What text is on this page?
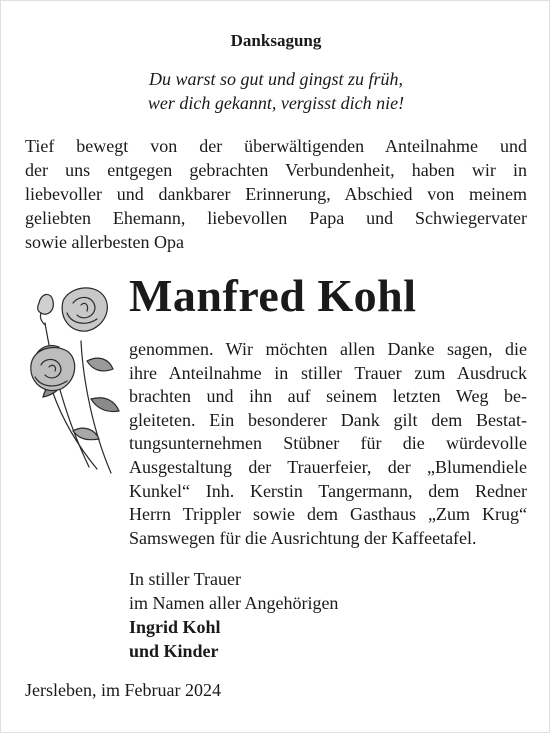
Danksagung
Du warst so gut und gingst zu früh,
wer dich gekannt, vergisst dich nie!
Tief bewegt von der überwältigenden Anteilnahme und
der uns entgegen gebrachten Verbundenheit, haben wir in
liebevoller und dankbarer Erinnerung, Abschied von meinem
geliebten Ehemann, liebevollen Papa und Schwiegervater
sowie allerbesten Opa
Manfred Kohl
genommen. Wir möchten allen Danke sagen, die
ihre Anteilnahme in stiller Trauer zum Ausdruck
brachten und ihn auf seinem letzten Weg be-
gleiteten. Ein besonderer Dank gilt dem Bestat-
tungsunternehmen Stübner für die würdevolle
Ausgestaltung der Trauerfeier, der „Blumendiele
Kunkel“ Inh. Kerstin Tangermann, dem Redner
Herrn Trippler sowie dem Gasthaus „Zum Krug“
Samswegen für die Ausrichtung der Kaffeetafel.
In stiller Trauer
im Namen aller Angehörigen
Ingrid Kohl
und Kinder
Jersleben, im Februar 2024
